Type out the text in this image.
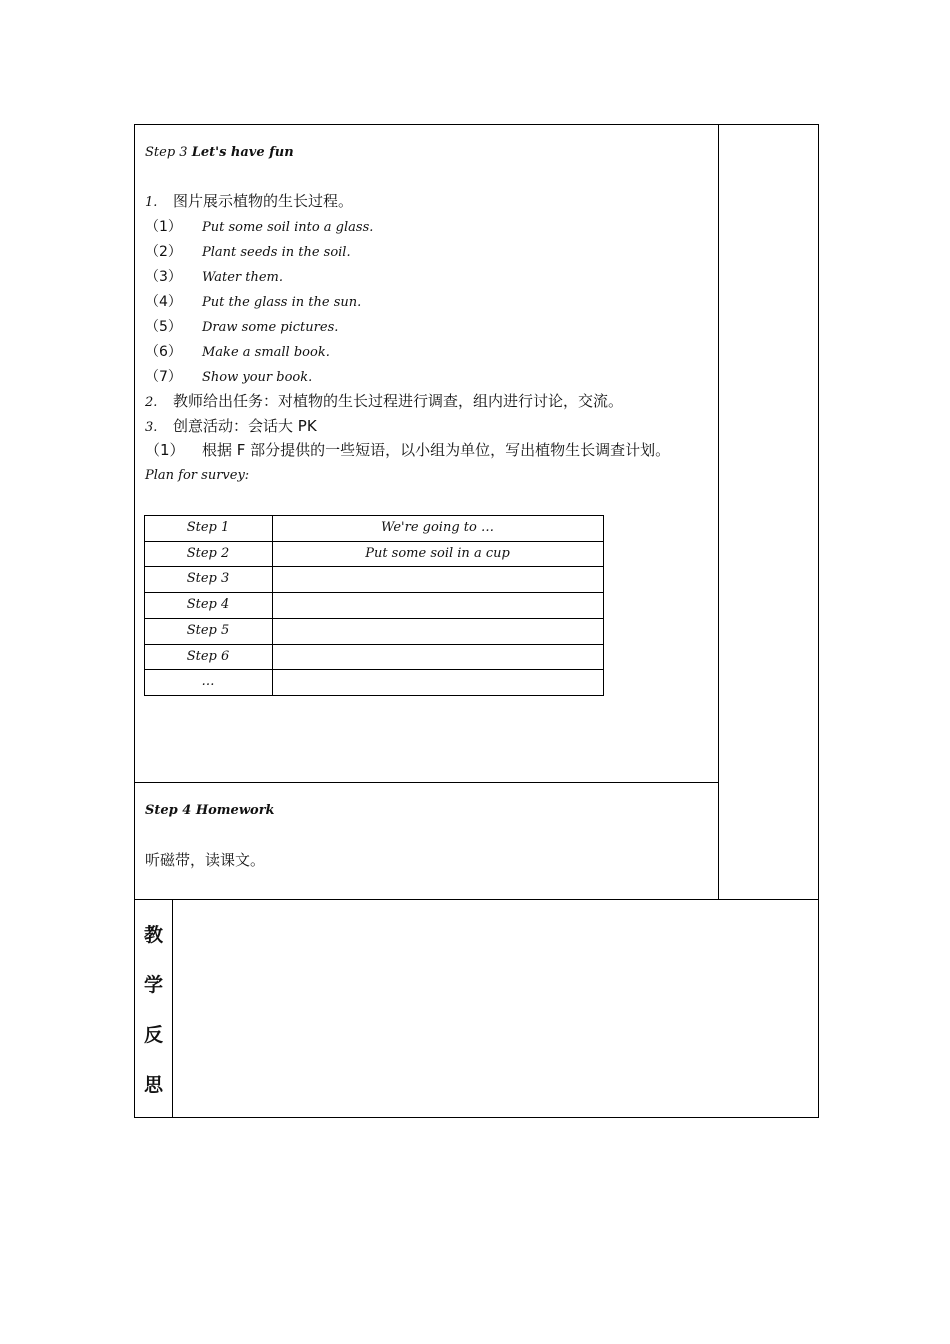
Step 3 Let's have fun
1. 图片展示植物的生长过程。
（1） Put some soil into a glass.
（2） Plant seeds in the soil.
（3） Water them.
（4） Put the glass in the sun.
（5） Draw some pictures.
（6） Make a small book.
（7） Show your book.
2. 教师给出任务：对植物的生长过程进行调查，组内进行讨论，交流。
3. 创意活动：会话大 PK
（1） 根据 F 部分提供的一些短语，以小组为单位，写出植物生长调查计划。
Plan for survey:
Step 1	We're going to …
Step 2	Put some soil in a cup
Step 3
Step 4
Step 5
Step 6
…
Step 4 Homework
听磁带，读课文。
教
学
反
思
